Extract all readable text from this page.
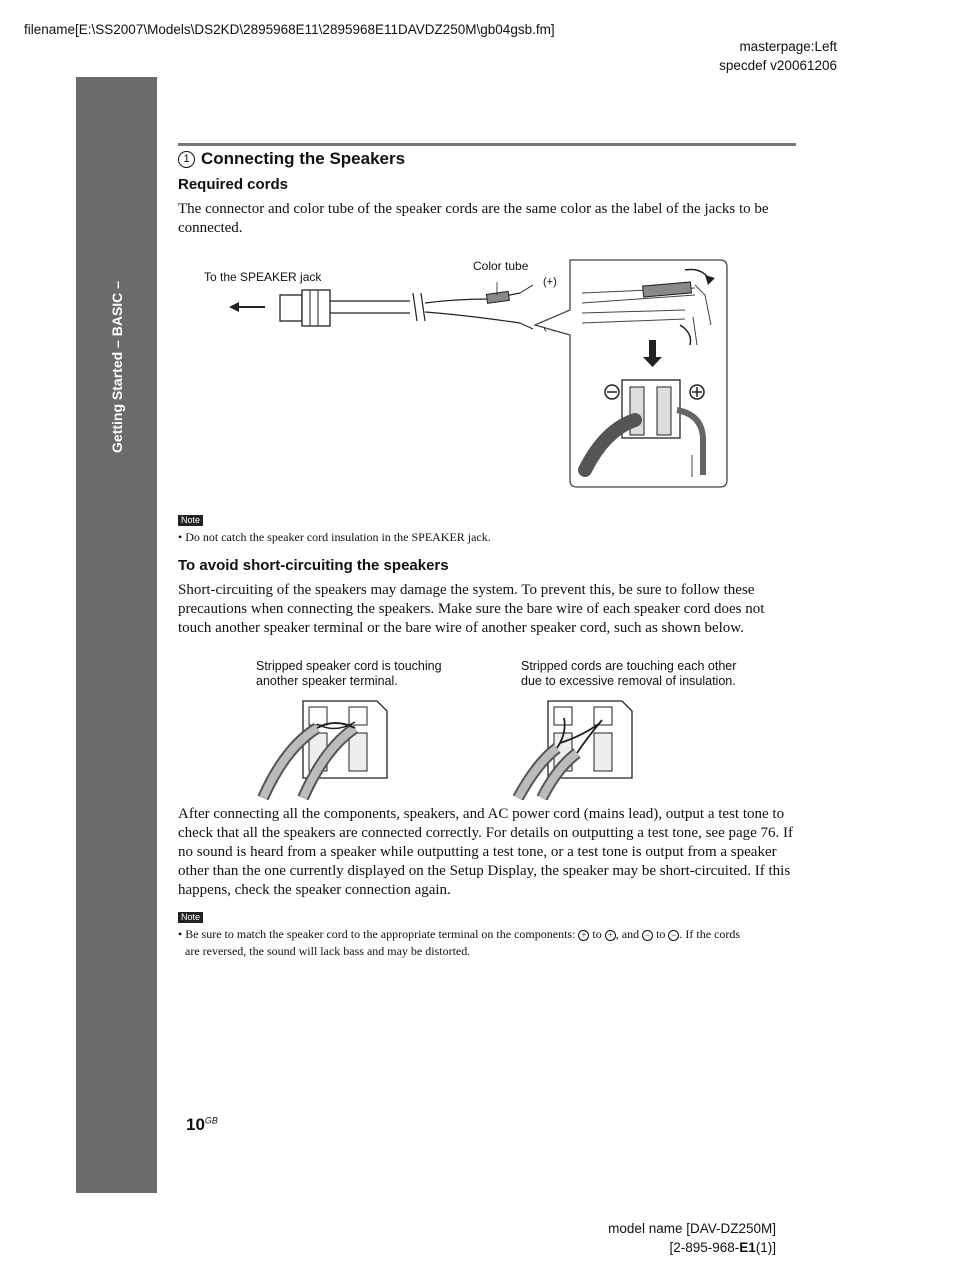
filename[E:\SS2007\Models\DS2KD\2895968E11\2895968E11DAVDZ250M\gb04gsb.fm]
masterpage:Left
specdef v20061206
Getting Started – BASIC –
1 Connecting the Speakers
Required cords
The connector and color tube of the speaker cords are the same color as the label of the jacks to be connected.
To the SPEAKER jack
Color tube
(+)
Note
• Do not catch the speaker cord insulation in the SPEAKER jack.
To avoid short-circuiting the speakers
Short-circuiting of the speakers may damage the system. To prevent this, be sure to follow these precautions when connecting the speakers. Make sure the bare wire of each speaker cord does not touch another speaker terminal or the bare wire of another speaker cord, such as shown below.
Stripped speaker cord is touching another speaker terminal.
Stripped cords are touching each other due to excessive removal of insulation.
After connecting all the components, speakers, and AC power cord (mains lead), output a test tone to check that all the speakers are connected correctly. For details on outputting a test tone, see page 76. If no sound is heard from a speaker while outputting a test tone, or a test tone is output from a speaker other than the one currently displayed on the Setup Display, the speaker may be short-circuited. If this happens, check the speaker connection again.
Note
• Be sure to match the speaker cord to the appropriate terminal on the components: + to + , and − to − . If the cords
are reversed, the sound will lack bass and may be distorted.
$10^{GB}$
model name [DAV-DZ250M]
[2-895-968-E1(1)]
